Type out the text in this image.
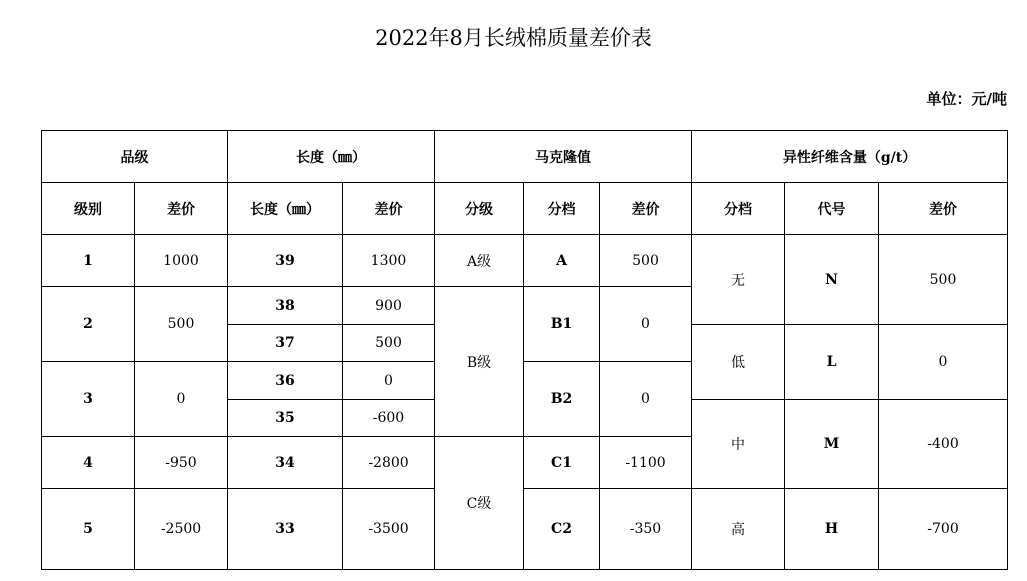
2022年8月长绒棉质量差价表
单位：元/吨
品级		长度（㎜）		马克隆值			异性纤维含量（g/t）		
级别	差价	长度（㎜）	差价	分级	分档	差价	分档	代号	差价
1	1000	39	1300	A级	A	500	无	N	500
2	500	38	900	B级	B1	0			
		37	500				低	L	0
3	0	36	0		B2	0			
		35	-600				中	M	-400
4	-950	34	-2800	C级	C1	-1100			
5	-2500	33	-3500		C2	-350	高	H	-700
